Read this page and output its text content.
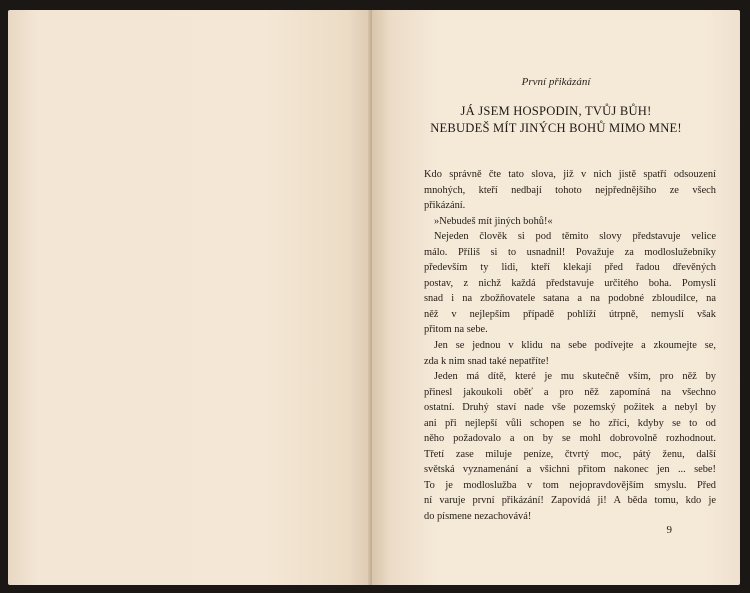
První přikázání
JÁ JSEM HOSPODIN, TVŮJ BŮH!
NEBUDEŠ MÍT JINÝCH BOHŮ MIMO MNE!
Kdo správně čte tato slova, již v nich jistě spatří odsouzení
mnohých, kteří nedbají tohoto nejpřednějšího ze všech
přikázání.
»Nebudeš mít jiných bohů!«
Nejeden člověk si pod těmito slovy představuje velice
málo. Příliš si to usnadnil! Považuje za modloslužebníky
především ty lidi, kteří klekají před řadou dřevěných
postav, z nichž každá představuje určitého boha. Pomyslí
snad i na zbožňovatele satana a na podobné zbloudilce, na
něž v nejlepším případě pohlíží útrpně, nemyslí však
přitom na sebe.
Jen se jednou v klidu na sebe podívejte a zkoumejte se,
zda k nim snad také nepatříte!
Jeden má dítě, které je mu skutečně vším, pro něž by
přinesl jakoukoli oběť a pro něž zapomíná na všechno
ostatní. Druhý staví nade vše pozemský požitek a nebyl by
ani při nejlepší vůli schopen se ho zříci, kdyby se to od
něho požadovalo a on by se mohl dobrovolně rozhodnout.
Třetí zase miluje peníze, čtvrtý moc, pátý ženu, další
světská vyznamenání a všichni přitom nakonec jen ... sebe!
To je modloslužba v tom nejopravdovějším smyslu. Před
ní varuje první přikázání! Zapovídá ji! A běda tomu, kdo je
do písmene nezachovává!
9
